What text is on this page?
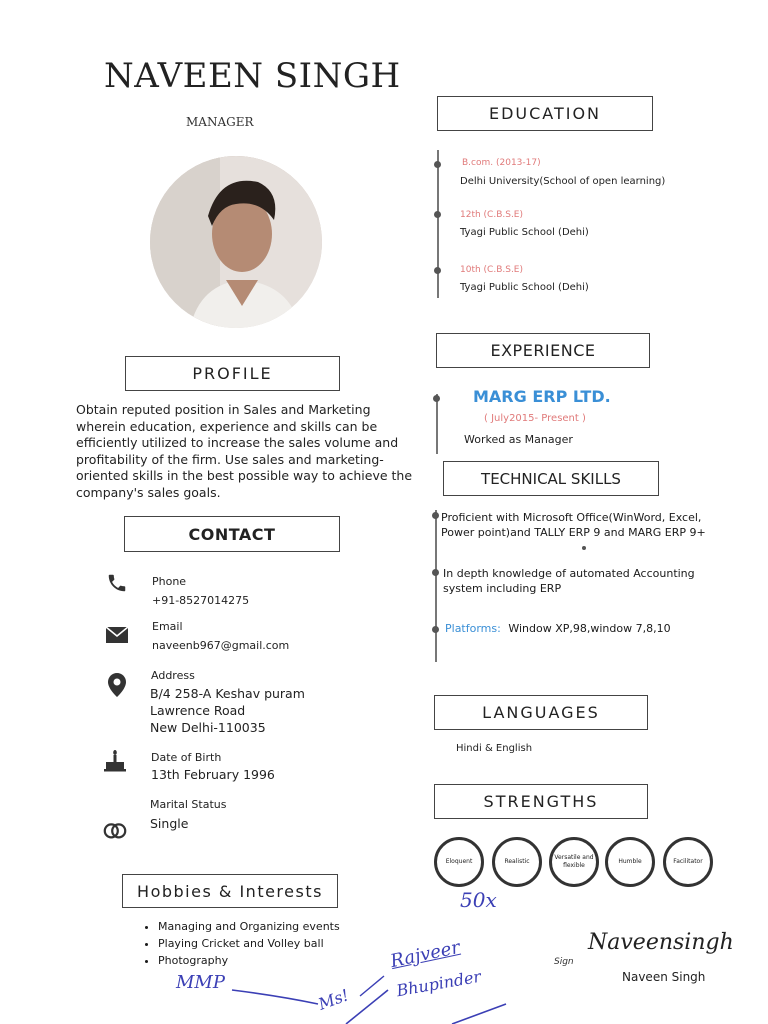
NAVEEN SINGH
MANAGER
PROFILE
Obtain reputed position in Sales and Marketing wherein education, experience and skills can be efficiently utilized to increase the sales volume and profitability of the firm. Use sales and marketing-oriented skills in the best possible way to achieve the company's sales goals.
CONTACT
Phone
+91-8527014275
Email
naveenb967@gmail.com
Address
B/4 258-A Keshav puram
Lawrence Road
New Delhi-110035
Date of Birth
13th February 1996
Marital Status
Single
Hobbies & Interests
• Managing and Organizing events
• Playing Cricket and Volley ball
• Photography
EDUCATION
B.com. (2013-17)
Delhi University(School of open learning)
12th (C.B.S.E)
Tyagi Public School (Dehi)
10th (C.B.S.E)
Tyagi Public School (Dehi)
EXPERIENCE
MARG ERP LTD.
( July2015- Present )
Worked as Manager
TECHNICAL SKILLS
Proficient with Microsoft Office(WinWord, Excel, Power point)and TALLY ERP 9 and MARG ERP 9+
In depth knowledge of automated Accounting system including ERP
Platforms: Window XP,98,window 7,8,10
LANGUAGES
Hindi & English
STRENGTHS
Eloquent	Realistic
Versatile and flexible
Humble	Facilitator
Sign
Naveensingh
Naveen Singh
50x
Rajveer
Bhupinder
MMP
Ms!
